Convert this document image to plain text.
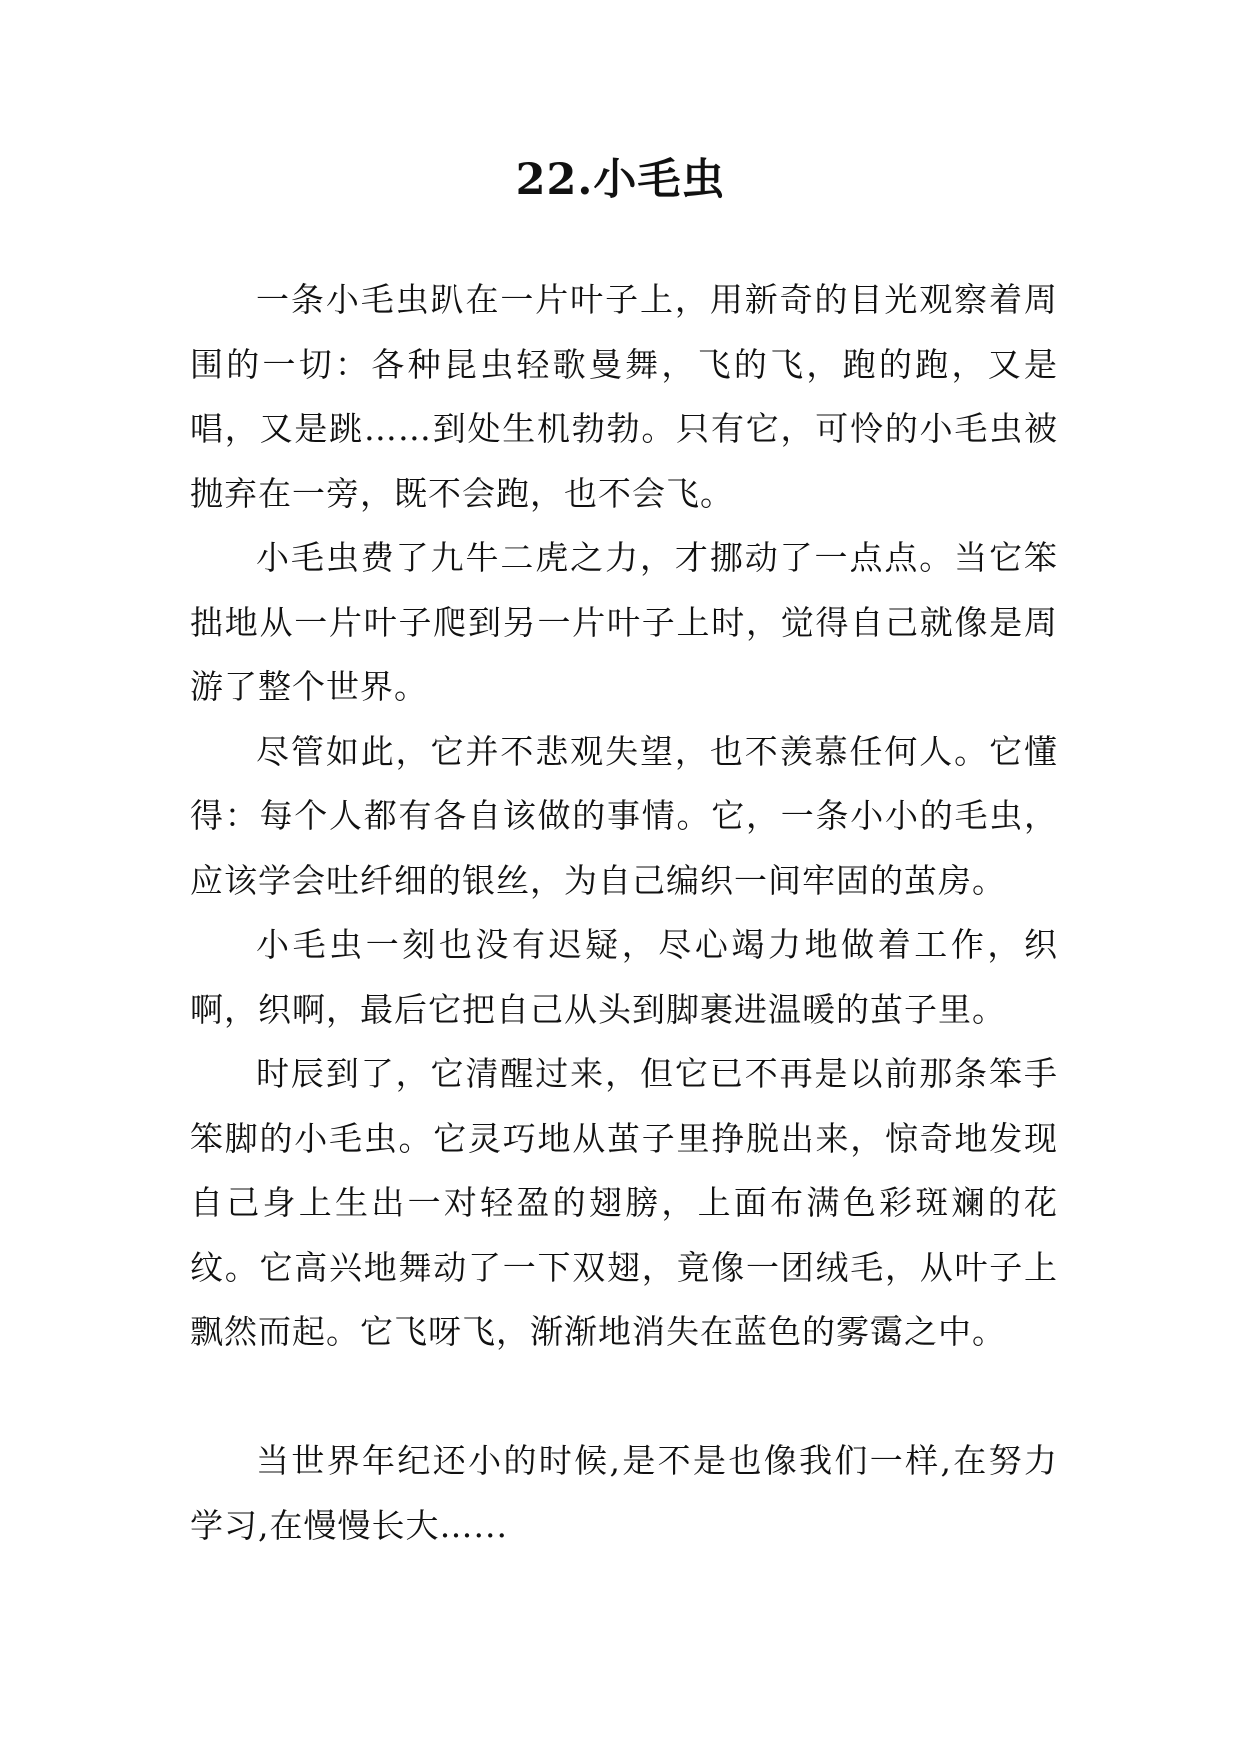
22.小毛虫

一条小毛虫趴在一片叶子上，用新奇的目光观察着周围的一切：各种昆虫轻歌曼舞，飞的飞，跑的跑，又是唱，又是跳……到处生机勃勃。只有它，可怜的小毛虫被抛弃在一旁，既不会跑，也不会飞。

小毛虫费了九牛二虎之力，才挪动了一点点。当它笨拙地从一片叶子爬到另一片叶子上时，觉得自己就像是周游了整个世界。

尽管如此，它并不悲观失望，也不羡慕任何人。它懂得：每个人都有各自该做的事情。它，一条小小的毛虫，应该学会吐纤细的银丝，为自己编织一间牢固的茧房。

小毛虫一刻也没有迟疑，尽心竭力地做着工作，织啊，织啊，最后它把自己从头到脚裹进温暖的茧子里。

时辰到了，它清醒过来，但它已不再是以前那条笨手笨脚的小毛虫。它灵巧地从茧子里挣脱出来，惊奇地发现自己身上生出一对轻盈的翅膀，上面布满色彩斑斓的花纹。它高兴地舞动了一下双翅，竟像一团绒毛，从叶子上飘然而起。它飞呀飞，渐渐地消失在蓝色的雾霭之中。

当世界年纪还小的时候,是不是也像我们一样,在努力学习,在慢慢长大…...
